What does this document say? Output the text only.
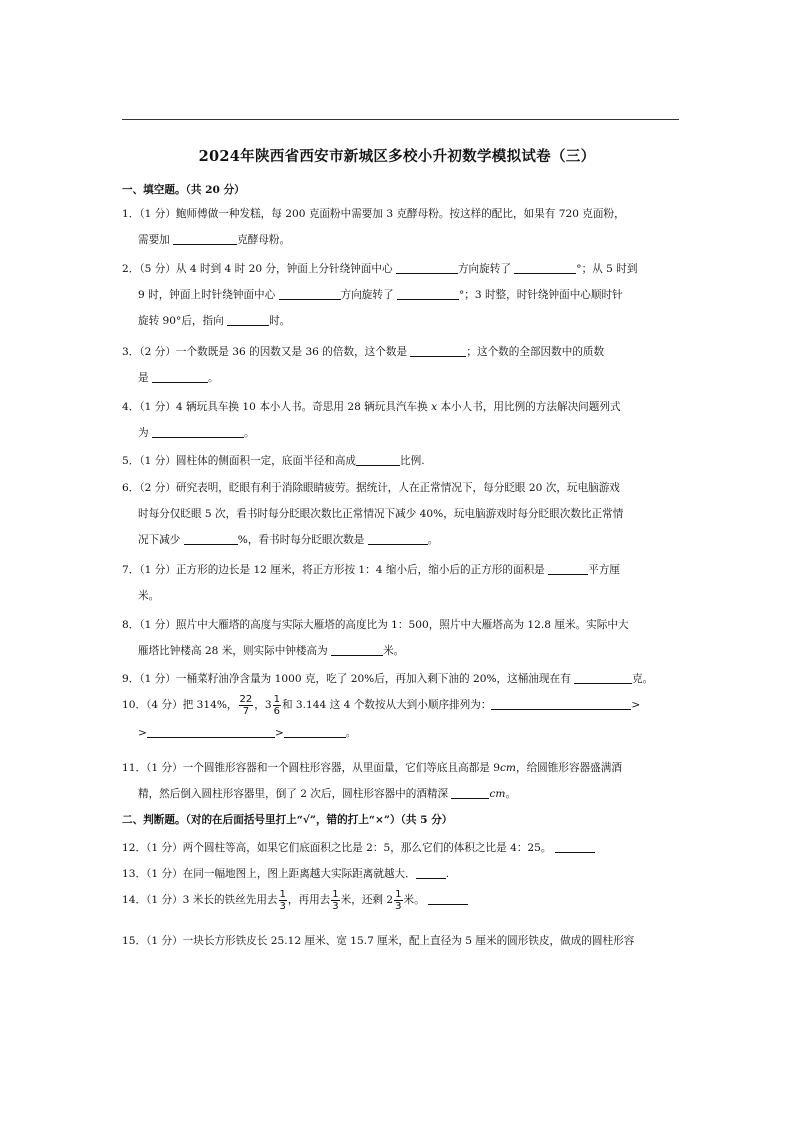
2024年陕西省西安市新城区多校小升初数学模拟试卷（三）
一、填空题。（共 20 分）
1．（1 分）鲍师傅做一种发糕，每 200 克面粉中需要加 3 克酵母粉。按这样的配比，如果有 720 克面粉，
需要加	克酵母粉。
2．（5 分）从 4 时到 4 时 20 分，钟面上分针绕钟面中心	方向旋转了	°；从 5 时到
9 时，钟面上时针绕钟面中心	方向旋转了	°；3 时整，时针绕钟面中心顺时针
旋转 90°后，指向	时。
3．（2 分）一个数既是 36 的因数又是 36 的倍数，这个数是	；这个数的全部因数中的质数
是	。
4．（1 分）4 辆玩具车换 10 本小人书。奇思用 28 辆玩具汽车换 x 本小人书，用比例的方法解决问题列式
为	。
5．（1 分）圆柱体的侧面积一定，底面半径和高成	比例.
6．（2 分）研究表明，眨眼有利于消除眼睛疲劳。据统计，人在正常情况下，每分眨眼 20 次，玩电脑游戏
时每分仅眨眼 5 次，看书时每分眨眼次数比正常情况下减少 40%，玩电脑游戏时每分眨眼次数比正常情
况下减少	%，看书时每分眨眼次数是	。
7．（1 分）正方形的边长是 12 厘米，将正方形按 1：4 缩小后，缩小后的正方形的面积是	平方厘
米。
8．（1 分）照片中大雁塔的高度与实际大雁塔的高度比为 1：500，照片中大雁塔高为 12.8 厘米。实际中大
雁塔比钟楼高 28 米，则实际中钟楼高为	米。
9．（1 分）一桶菜籽油净含量为 1000 克，吃了 20%后，再加入剩下油的 20%，这桶油现在有	克。
10．（4 分）把 314%， $\frac{22}{7}$ ，$3 \frac{1}{6}$ 和 3.144 这 4 个数按从大到小顺序排列为：	>
>	>	。
11．（1 分）一个圆锥形容器和一个圆柱形容器，从里面量，它们等底且高都是 9cm，给圆锥形容器盛满酒
精，然后倒入圆柱形容器里，倒了 2 次后，圆柱形容器中的酒精深	cm。
二、判断题。（对的在后面括号里打上“√”，错的打上“×”）（共 5 分）
12．（1 分）两个圆柱等高，如果它们底面积之比是 2：5，那么它们的体积之比是 4：25。
13．（1 分）在同一幅地图上，图上距离越大实际距离就越大．	.
14．（1 分）3 米长的铁丝先用去 $\frac{1}{3}$ ，再用去 $\frac{1}{3}$ 米，还剩 $2 \frac{1}{3}$ 米。
15．（1 分）一块长方形铁皮长 25.12 厘米、宽 15.7 厘米，配上直径为 5 厘米的圆形铁皮，做成的圆柱形容
